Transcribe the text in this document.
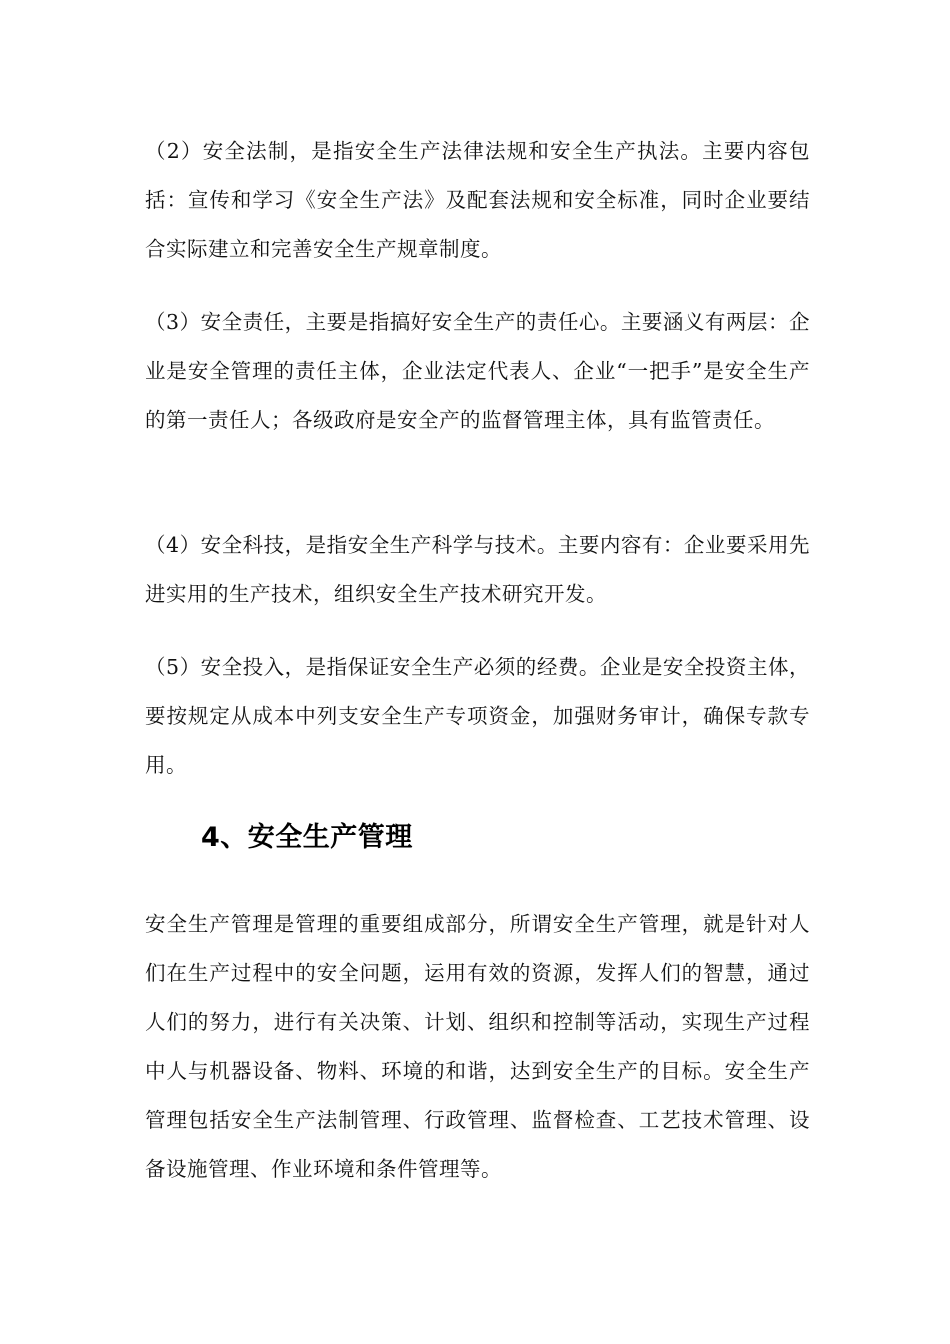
（2）安全法制，是指安全生产法律法规和安全生产执法。主要内容包括：宣传和学习《安全生产法》及配套法规和安全标准，同时企业要结合实际建立和完善安全生产规章制度。

（3）安全责任，主要是指搞好安全生产的责任心。主要涵义有两层：企业是安全管理的责任主体，企业法定代表人、企业“一把手”是安全生产的第一责任人；各级政府是安全产的监督管理主体，具有监管责任。

（4）安全科技，是指安全生产科学与技术。主要内容有：企业要采用先进实用的生产技术，组织安全生产技术研究开发。

（5）安全投入，是指保证安全生产必须的经费。企业是安全投资主体，要按规定从成本中列支安全生产专项资金，加强财务审计，确保专款专用。

4、安全生产管理

安全生产管理是管理的重要组成部分，所谓安全生产管理，就是针对人们在生产过程中的安全问题，运用有效的资源，发挥人们的智慧，通过人们的努力，进行有关决策、计划、组织和控制等活动，实现生产过程中人与机器设备、物料、环境的和谐，达到安全生产的目标。安全生产管理包括安全生产法制管理、行政管理、监督检查、工艺技术管理、设备设施管理、作业环境和条件管理等。
